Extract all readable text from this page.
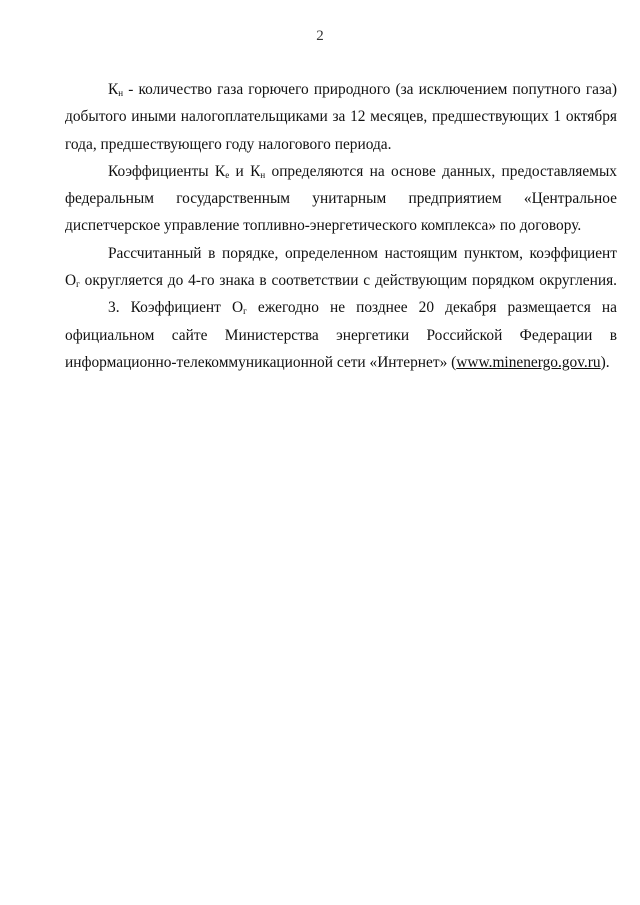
2

$К_н$ - количество газа горючего природного (за исключением попутного газа) добытого иными налогоплательщиками за 12 месяцев, предшествующих 1 октября года, предшествующего году налогового периода.

Коэффициенты $К_е$ и $К_н$ определяются на основе данных, предоставляемых федеральным государственным унитарным предприятием «Центральное диспетчерское управление топливно-энергетического комплекса» по договору.

Рассчитанный в порядке, определенном настоящим пунктом, коэффициент $О_г$ округляется до 4-го знака в соответствии с действующим порядком округления.

3. Коэффициент $О_г$ ежегодно не позднее 20 декабря размещается на официальном сайте Министерства энергетики Российской Федерации в информационно-телекоммуникационной сети «Интернет» (www.minenergo.gov.ru).
